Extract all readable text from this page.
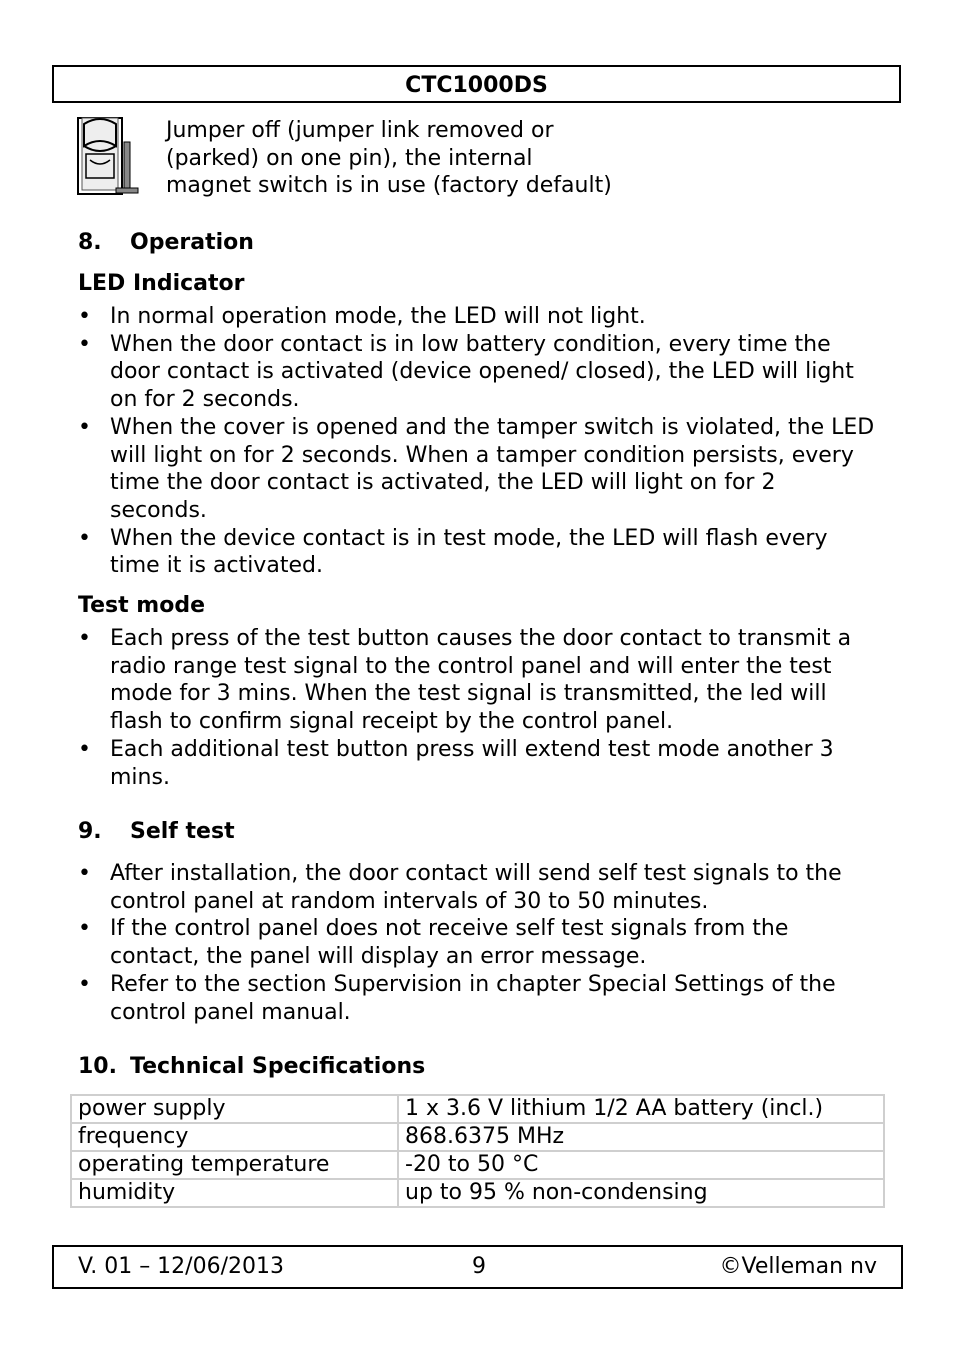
CTC1000DS
Jumper off (jumper link removed or
(parked) on one pin), the internal
magnet switch is in use (factory default)
8. Operation
LED Indicator
• In normal operation mode, the LED will not light.
• When the door contact is in low battery condition, every time the door contact is activated (device opened/ closed), the LED will light on for 2 seconds.
• When the cover is opened and the tamper switch is violated, the LED will light on for 2 seconds. When a tamper condition persists, every time the door contact is activated, the LED will light on for 2 seconds.
• When the device contact is in test mode, the LED will flash every time it is activated.
Test mode
• Each press of the test button causes the door contact to transmit a radio range test signal to the control panel and will enter the test mode for 3 mins. When the test signal is transmitted, the led will flash to confirm signal receipt by the control panel.
• Each additional test button press will extend test mode another 3 mins.
9. Self test
• After installation, the door contact will send self test signals to the control panel at random intervals of 30 to 50 minutes.
• If the control panel does not receive self test signals from the contact, the panel will display an error message.
• Refer to the section Supervision in chapter Special Settings of the control panel manual.
10. Technical Specifications
power supply	1 x 3.6 V lithium 1/2 AA battery (incl.)
frequency	868.6375 MHz
operating temperature	-20 to 50 °C
humidity	up to 95 % non-condensing
V. 01 – 12/06/2013	9	©Velleman nv
